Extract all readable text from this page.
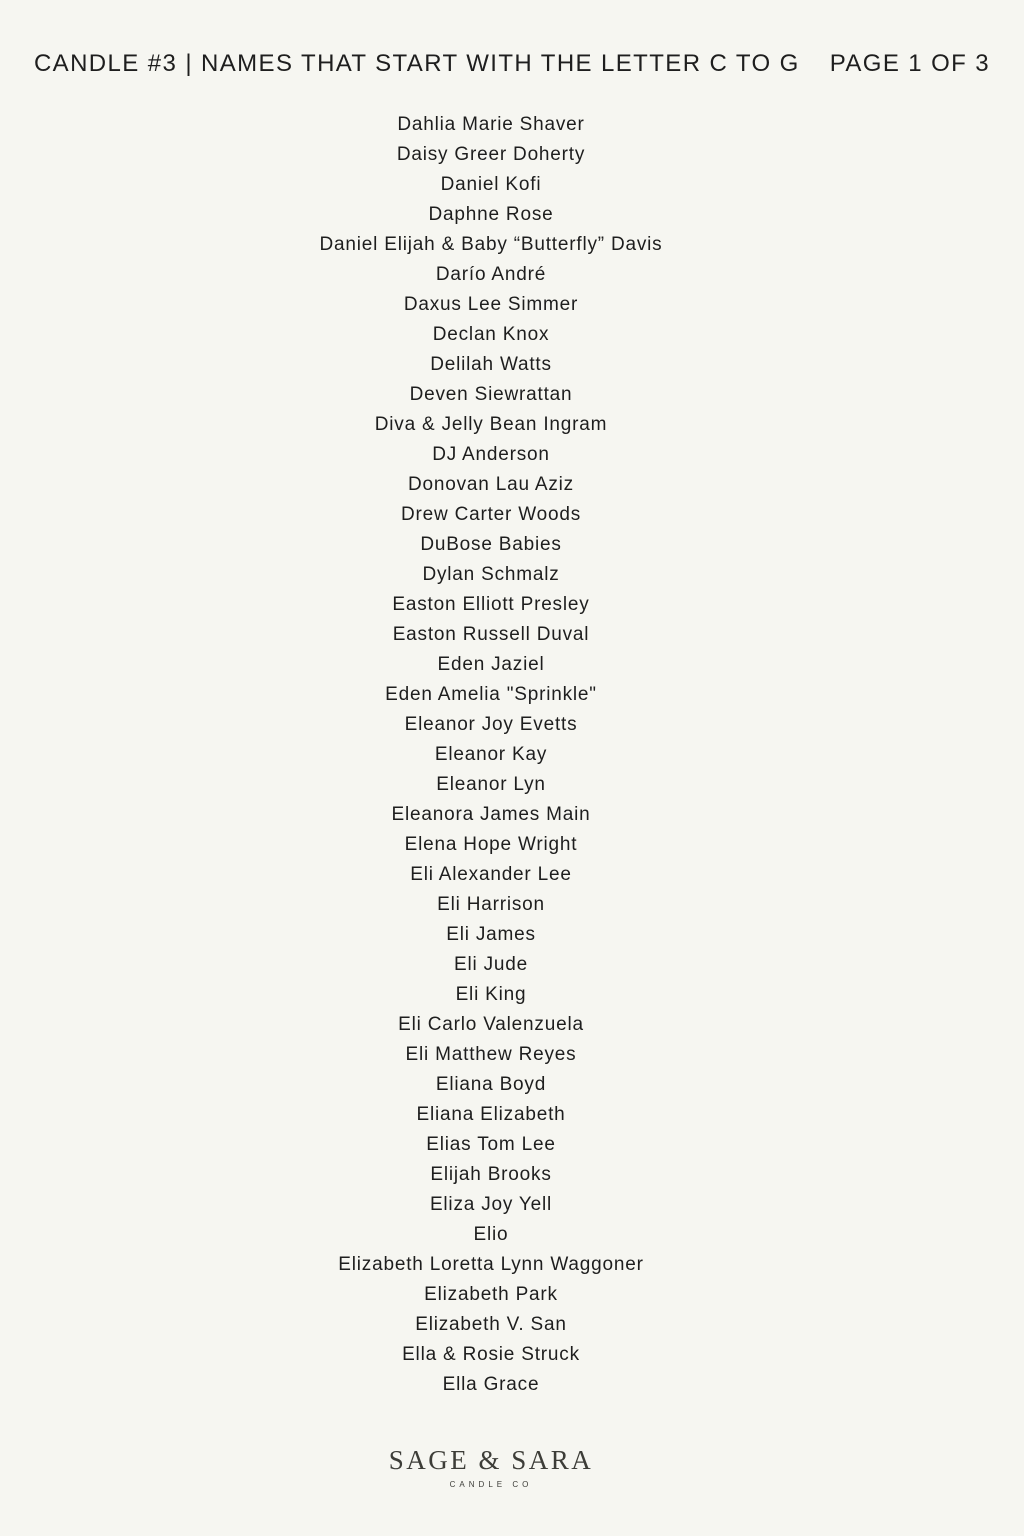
CANDLE #3 | NAMES THAT START WITH THE LETTER C TO G PAGE 1 OF 3
Dahlia Marie Shaver
Daisy Greer Doherty
Daniel Kofi
Daphne Rose
Daniel Elijah & Baby “Butterfly” Davis
Darío André
Daxus Lee Simmer
Declan Knox
Delilah Watts
Deven Siewrattan
Diva & Jelly Bean Ingram
DJ Anderson
Donovan Lau Aziz
Drew Carter Woods
DuBose Babies
Dylan Schmalz
Easton Elliott Presley
Easton Russell Duval
Eden Jaziel
Eden Amelia "Sprinkle"
Eleanor Joy Evetts
Eleanor Kay
Eleanor Lyn
Eleanora James Main
Elena Hope Wright
Eli Alexander Lee
Eli Harrison
Eli James
Eli Jude
Eli King
Eli Carlo Valenzuela
Eli Matthew Reyes
Eliana Boyd
Eliana Elizabeth
Elias Tom Lee
Elijah Brooks
Eliza Joy Yell
Elio
Elizabeth Loretta Lynn Waggoner
Elizabeth Park
Elizabeth V. San
Ella & Rosie Struck
Ella Grace
SAGE & SARA
CANDLE CO
